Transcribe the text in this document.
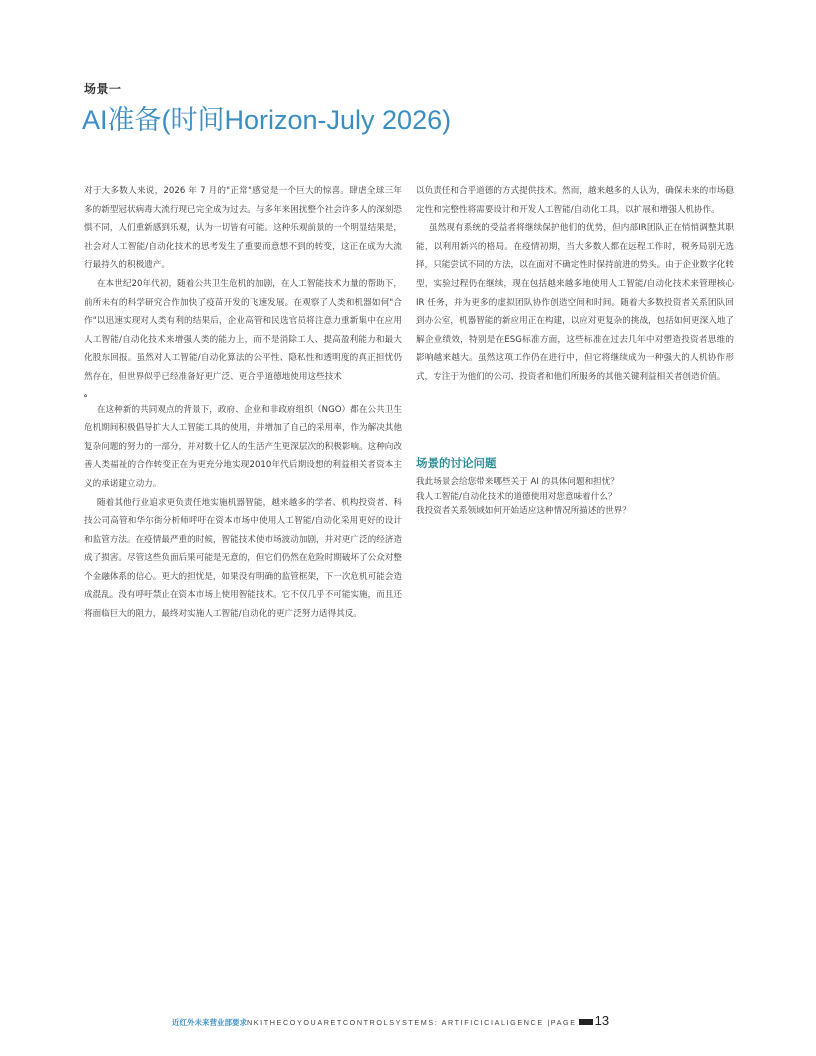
场景一
AI准备(时间Horizon-July 2026)

对于大多数人来说，2026 年 7 月的"正常"感觉是一个巨大的惊喜。肆虐全球三年多的新型冠状病毒大流行现已完全成为过去。与多年来困扰整个社会许多人的深刻恐惧不同，人们重新感到乐观，认为一切皆有可能。这种乐观前景的一个明显结果是，社会对人工智能/自动化技术的思考发生了重要而意想不到的转变，这正在成为大流行最持久的积极遗产。

在本世纪20年代初，随着公共卫生危机的加剧，在人工智能技术力量的帮助下，前所未有的科学研究合作加快了疫苗开发的飞速发展。在观察了人类和机器如何"合作"以迅速实现对人类有利的结果后，企业高管和民选官员将注意力重新集中在应用人工智能/自动化技术来增强人类的能力上，而不是消除工人、提高盈利能力和最大化股东回报。虽然对人工智能/自动化算法的公平性、隐私性和透明度的真正担忧仍然存在，但世界似乎已经准备好更广泛、更合乎道德地使用这些技术

。

在这种新的共同观点的背景下，政府、企业和非政府组织（NGO）都在公共卫生危机期间积极倡导扩大人工智能工具的使用，并增加了自己的采用率，作为解决其他复杂问题的努力的一部分，并对数十亿人的生活产生更深层次的积极影响。这种向改善人类福祉的合作转变正在为更充分地实现2010年代后期设想的利益相关者资本主义的承诺建立动力。

随着其他行业追求更负责任地实施机器智能，越来越多的学者、机构投资者、科技公司高管和华尔街分析师呼吁在资本市场中使用人工智能/自动化采用更好的设计和监管方法。在疫情最严重的时候，智能技术使市场波动加剧，并对更广泛的经济造成了损害。尽管这些负面后果可能是无意的，但它们仍然在危险时期破坏了公众对整个金融体系的信心。更大的担忧是，如果没有明确的监管框架，下一次危机可能会造成混乱。没有呼吁禁止在资本市场上使用智能技术。它不仅几乎不可能实施，而且还将面临巨大的阻力，最终对实施人工智能/自动化的更广泛努力适得其反。

以负责任和合乎道德的方式提供技术。然而，越来越多的人认为，确保未来的市场稳定性和完整性将需要设计和开发人工智能/自动化工具，以扩展和增强人机协作。

虽然现有系统的受益者将继续保护他们的优势，但内部IR团队正在悄悄调整其职能，以利用新兴的格局。在疫情初期，当大多数人都在远程工作时，税务局别无选择，只能尝试不同的方法，以在面对不确定性时保持前进的势头。由于企业数字化转型，实验过程仍在继续，现在包括越来越多地使用人工智能/自动化技术来管理核心 IR 任务，并为更多的虚拟团队协作创造空间和时间。随着大多数投资者关系团队回到办公室，机器智能的新应用正在构建，以应对更复杂的挑战，包括如何更深入地了解企业绩效，特别是在ESG标准方面，这些标准在过去几年中对塑造投资者思维的影响越来越大。虽然这项工作仍在进行中，但它将继续成为一种强大的人机协作形式，专注于为他们的公司、投资者和他们所服务的其他关键利益相关者创造价值。

场景的讨论问题

我此场景会给您带来哪些关于 AI 的具体问题和担忧？

我人工智能/自动化技术的道德使用对您意味着什么？

我投资者关系领域如何开始适应这种情况所描述的世界？

近红外未来营业部要求NKITHECOYOUARETCONTROLSYSTEMS: ARTIFICICIALIGENCE |PAGE 13
